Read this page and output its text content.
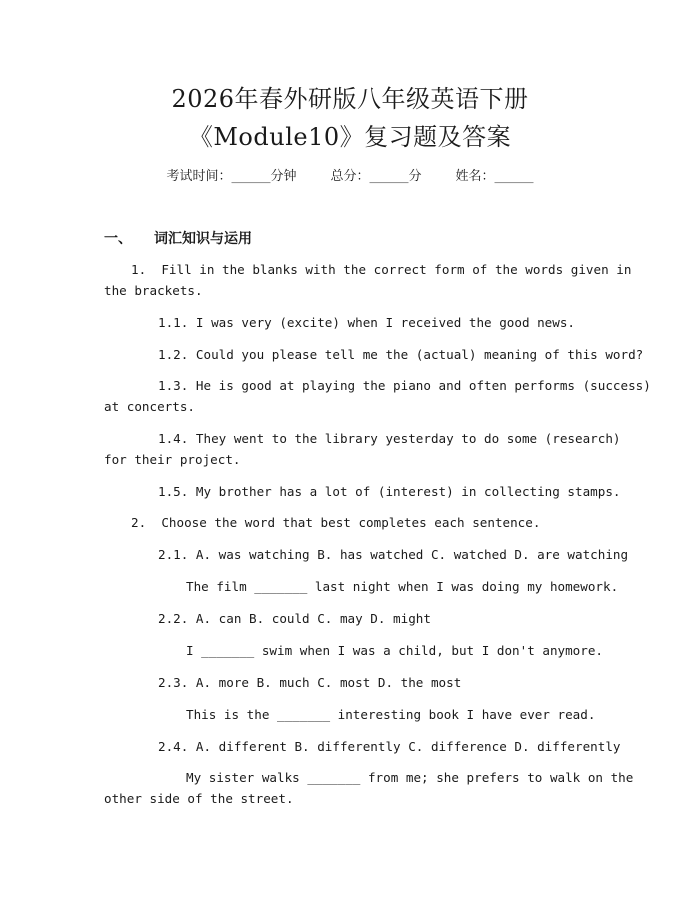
2026年春外研版八年级英语下册
《Module10》复习题及答案
考试时间：______分钟	总分：______分	姓名：______
一、 词汇知识与运用
1.  Fill in the blanks with the correct form of the words given in
the brackets.
1.1. I was very (excite) when I received the good news.
1.2. Could you please tell me the (actual) meaning of this word?
1.3. He is good at playing the piano and often performs (success)
at concerts.
1.4. They went to the library yesterday to do some (research)
for their project.
1.5. My brother has a lot of (interest) in collecting stamps.
2.  Choose the word that best completes each sentence.
2.1. A. was watching B. has watched C. watched D. are watching
The film _______ last night when I was doing my homework.
2.2. A. can B. could C. may D. might
I _______ swim when I was a child, but I don't anymore.
2.3. A. more B. much C. most D. the most
This is the _______ interesting book I have ever read.
2.4. A. different B. differently C. difference D. differently
My sister walks _______ from me; she prefers to walk on the
other side of the street.
